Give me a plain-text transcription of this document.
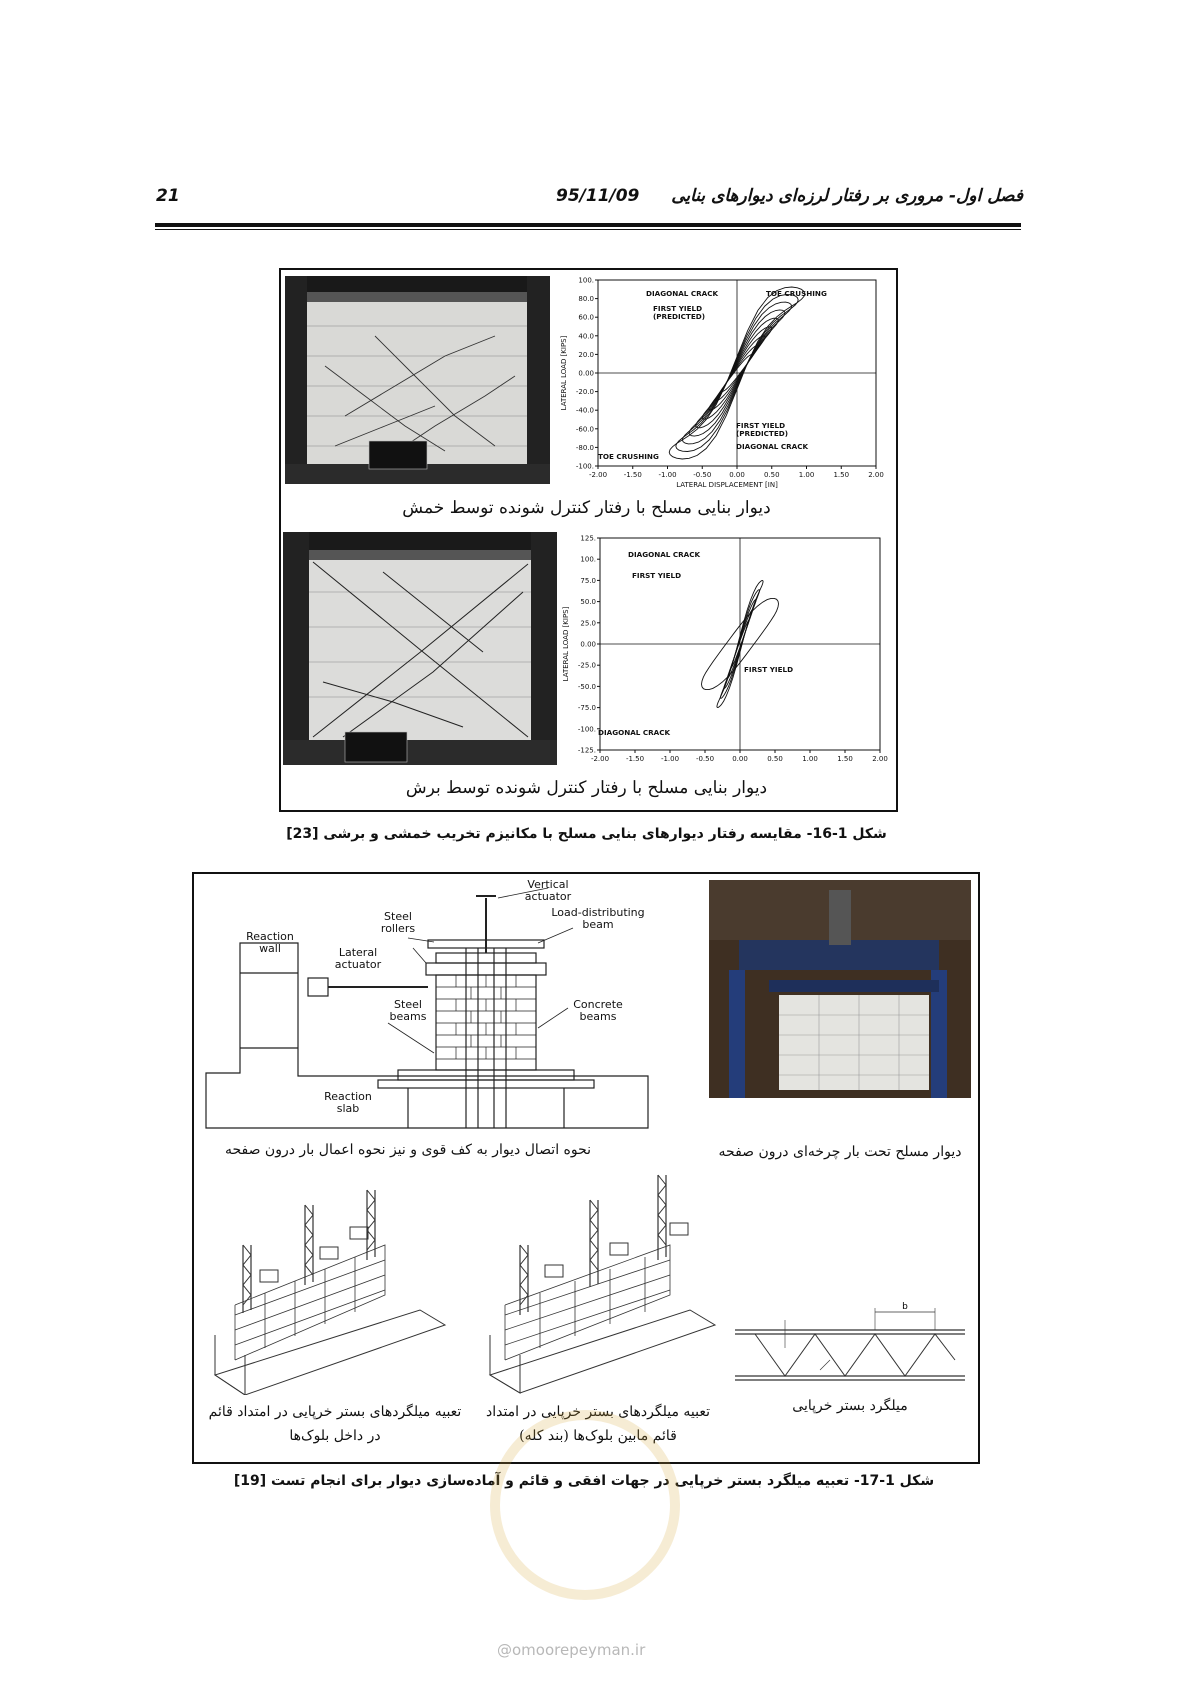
21	95/11/09 فصل اول- مروری بر رفتار لرزه‌ای دیوارهای بنایی
-2.00 -1.50 -1.00 -0.50	0.00	0.50	1.00	1.50	2.00
100.
80.0
60.0
40.0
20.0
0.00
-20.0
-40.0
-60.0
-80.0
-100.
LATERAL DISPLACEMENT [IN]
LATERAL LOAD [KIPS]
DIAGONAL CRACK	TOE CRUSHING
FIRST YIELD
(PREDICTED)
FIRST YIELD
(PREDICTED)
DIAGONAL CRACK
TOE CRUSHING
دیوار بنایی مسلح با رفتار کنترل شونده توسط خمش
-2.00 -1.50 -1.00 -0.50	0.00	0.50	1.00	1.50	2.00
125.
100.
75.0
50.0
25.0
0.00
-25.0
-50.0
-75.0
-100.
-125.
LATERAL LOAD [KIPS]
DIAGONAL CRACK
FIRST YIELD
FIRST YIELD
DIAGONAL CRACK
دیوار بنایی مسلح با رفتار کنترل شونده توسط برش
شکل 1-16- مقایسه رفتار دیوارهای بنایی مسلح با مکانیزم تخریب خمشی و برشی [23]
Vertical
actuator
Steel
rollers
Load-distributing
beam
Reaction
wall	Lateral
actuator
Steel
beams
Concrete
beams
Reaction
slab
نحوه اتصال دیوار به کف قوی و نیز نحوه اعمال بار درون صفحه	دیوار مسلح تحت بار چرخه‌ای درون صفحه
b
تعبیه میلگردهای بستر خرپایی در امتداد قائم
در داخل بلوک‌ها
تعبیه میلگردهای بستر خرپایی در امتداد
قائم مابین بلوک‌ها (بند کله)
میلگرد بستر خرپایی
شکل 1-17- تعبیه میلگرد بستر خرپایی در جهات افقی و قائم و آماده‌سازی دیوار برای انجام تست [19]
@omoorepeyman.ir
